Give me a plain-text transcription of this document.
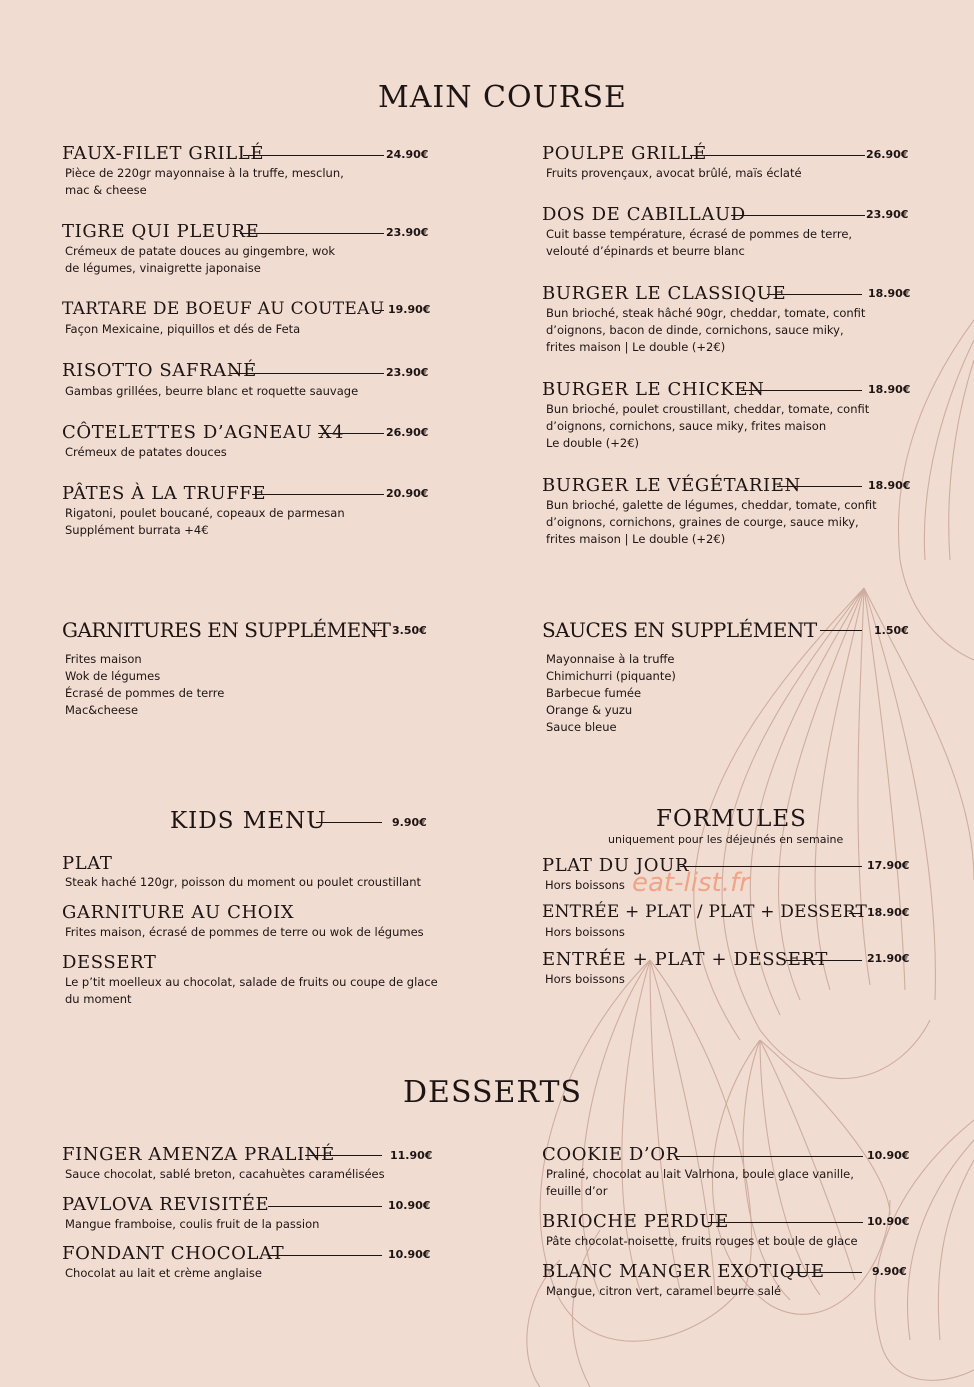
MAIN COURSE
FAUX-FILET GRILLÉ	24.90€
Pièce de 220gr mayonnaise à la truffe, mesclun,
mac & cheese
TIGRE QUI PLEURE	23.90€
Crémeux de patate douces au gingembre, wok
de légumes, vinaigrette japonaise
TARTARE DE BOEUF AU COUTEAU 19.90€
Façon Mexicaine, piquillos et dés de Feta
RISOTTO SAFRANÉ	23.90€
Gambas grillées, beurre blanc et roquette sauvage
CÔTELETTES D’AGNEAU X4	26.90€
Crémeux de patates douces
PÂTES À LA TRUFFE	20.90€
Rigatoni, poulet boucané, copeaux de parmesan
Supplément burrata +4€
POULPE GRILLÉ	26.90€
Fruits provençaux, avocat brûlé, maïs éclaté
DOS DE CABILLAUD	23.90€
Cuit basse température, écrasé de pommes de terre,
velouté d’épinards et beurre blanc
BURGER LE CLASSIQUE	18.90€
Bun brioché, steak hâché 90gr, cheddar, tomate, confit
d’oignons, bacon de dinde, cornichons, sauce miky,
frites maison | Le double (+2€)
BURGER LE CHICKEN	18.90€
Bun brioché, poulet croustillant, cheddar, tomate, confit
d’oignons, cornichons, sauce miky, frites maison
Le double (+2€)
BURGER LE VÉGÉTARIEN	18.90€
Bun brioché, galette de légumes, cheddar, tomate, confit
d’oignons, cornichons, graines de courge, sauce miky,
frites maison | Le double (+2€)
GARNITURES EN SUPPLÉMENT 3.50€
Frites maison
Wok de légumes
Écrasé de pommes de terre
Mac&cheese
SAUCES EN SUPPLÉMENT	1.50€
Mayonnaise à la truffe
Chimichurri (piquante)
Barbecue fumée
Orange & yuzu
Sauce bleue
KIDS MENU	9.90€
PLAT
Steak haché 120gr, poisson du moment ou poulet croustillant
GARNITURE AU CHOIX
Frites maison, écrasé de pommes de terre ou wok de légumes
DESSERT
Le p’tit moelleux au chocolat, salade de fruits ou coupe de glace
du moment
FORMULES
uniquement pour les déjeunés en semaine
PLAT DU JOUR	17.90€
Hors boissons
ENTRÉE + PLAT / PLAT + DESSERT 18.90€
Hors boissons
ENTRÉE + PLAT + DESSERT	21.90€
Hors boissons
eat-list.fr
DESSERTS
FINGER AMENZA PRALINÉ	11.90€
Sauce chocolat, sablé breton, cacahuètes caramélisées
PAVLOVA REVISITÉE	10.90€
Mangue framboise, coulis fruit de la passion
FONDANT CHOCOLAT	10.90€
Chocolat au lait et crème anglaise
COOKIE D’OR	10.90€
Praliné, chocolat au lait Valrhona, boule glace vanille,
feuille d’or
BRIOCHE PERDUE	10.90€
Pâte chocolat-noisette, fruits rouges et boule de glace
BLANC MANGER EXOTIQUE	9.90€
Mangue, citron vert, caramel beurre salé
